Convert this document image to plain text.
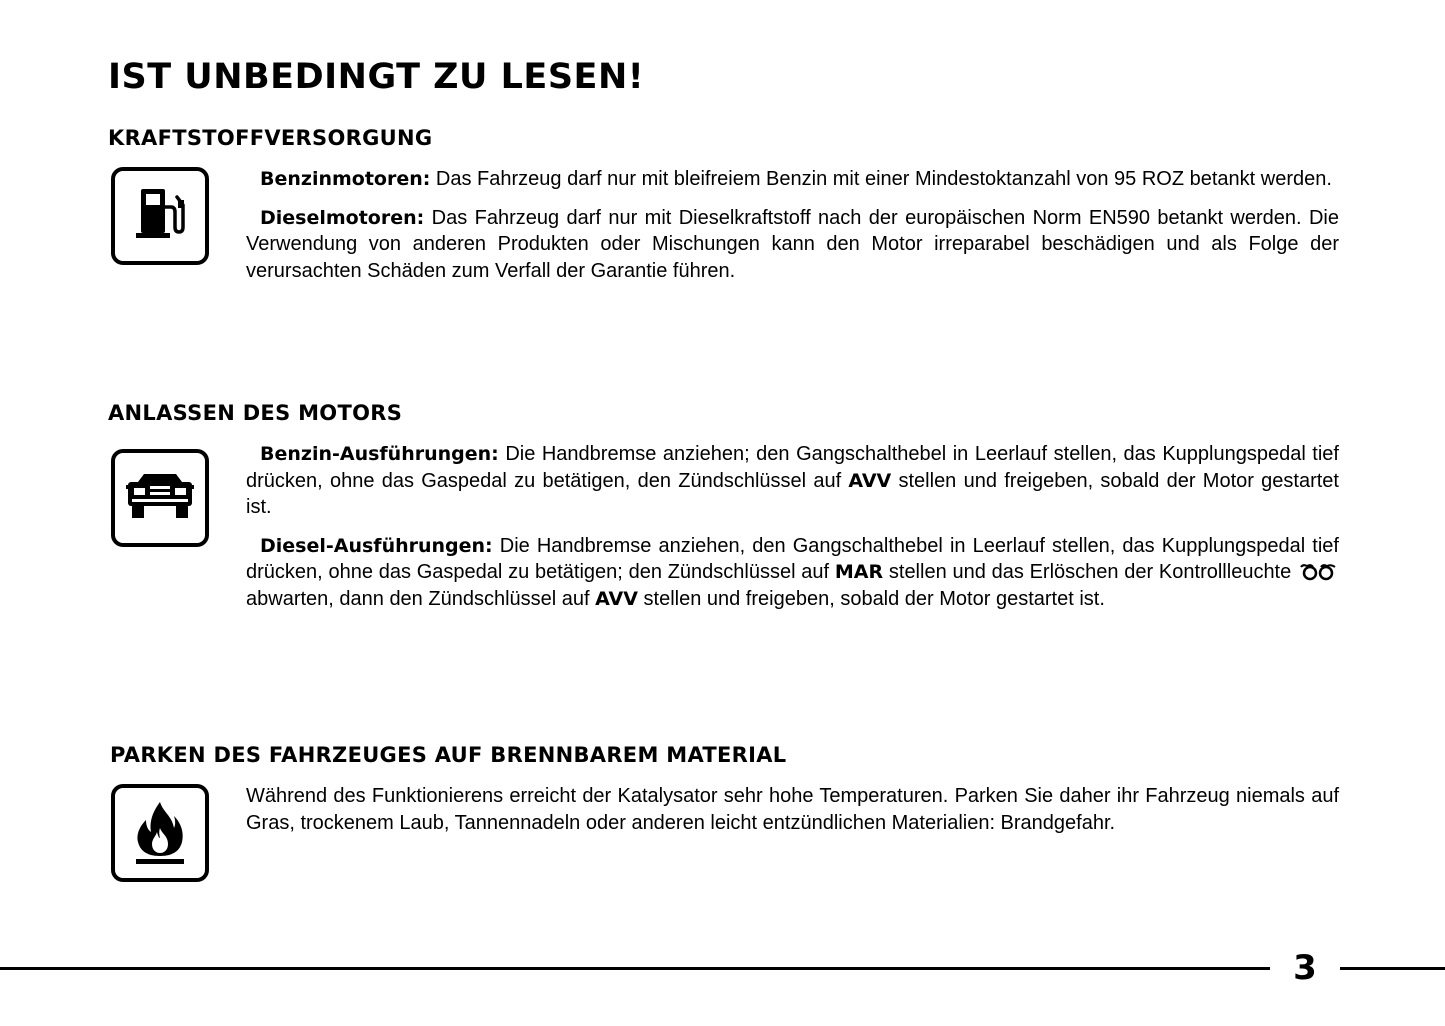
IST UNBEDINGT ZU LESEN!
KRAFTSTOFFVERSORGUNG

Benzinmotoren: Das Fahrzeug darf nur mit bleifreiem Benzin mit einer Mindestoktanzahl von 95 ROZ betankt werden.

Dieselmotoren: Das Fahrzeug darf nur mit Dieselkraftstoff nach der europäischen Norm EN590 betankt werden. Die Verwendung von anderen Produkten oder Mischungen kann den Motor irreparabel beschädigen und als Folge der verursachten Schäden zum Verfall der Garantie führen.

ANLASSEN DES MOTORS

Benzin-Ausführungen: Die Handbremse anziehen; den Gangschalthebel in Leerlauf stellen, das Kupplungspedal tief drücken, ohne das Gaspedal zu betätigen, den Zündschlüssel auf AVV stellen und freigeben, sobald der Motor gestartet ist.

Diesel-Ausführungen: Die Handbremse anziehen, den Gangschalthebel in Leerlauf stellen, das Kupplungspedal tief drücken, ohne das Gaspedal zu betätigen; den Zündschlüssel auf MAR stellen und das Erlöschen der Kontrollleuchte  abwarten, dann den Zündschlüssel auf AVV stellen und freigeben, sobald der Motor gestartet ist.

PARKEN DES FAHRZEUGES AUF BRENNBAREM MATERIAL

Während des Funktionierens erreicht der Katalysator sehr hohe Temperaturen. Parken Sie daher ihr Fahrzeug niemals auf Gras, trockenem Laub, Tannennadeln oder anderen leicht entzündlichen Materialien: Brandgefahr.

3
